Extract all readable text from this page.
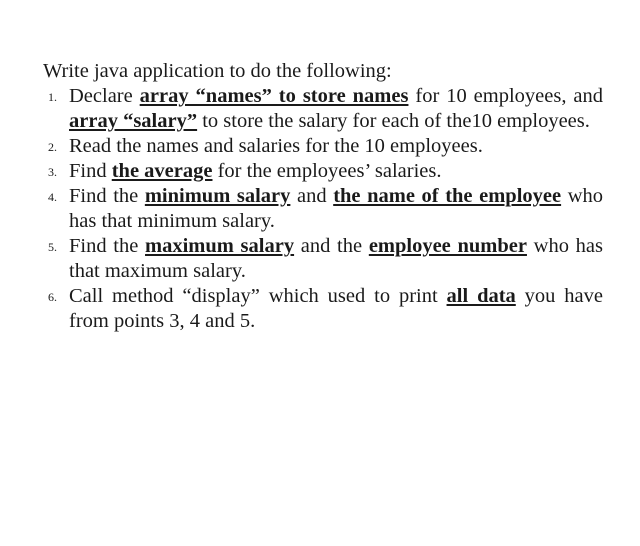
Write java application to do the following:

1. Declare array “names” to store names for 10 employees, and array “salary” to store the salary for each of the10 employees.
2. Read the names and salaries for the 10 employees.
3. Find the average for the employees’ salaries.
4. Find the minimum salary and the name of the employee who has that minimum salary.
5. Find the maximum salary and the employee number who has that maximum salary.
6. Call method “display” which used to print all data you have from points 3, 4 and 5.
